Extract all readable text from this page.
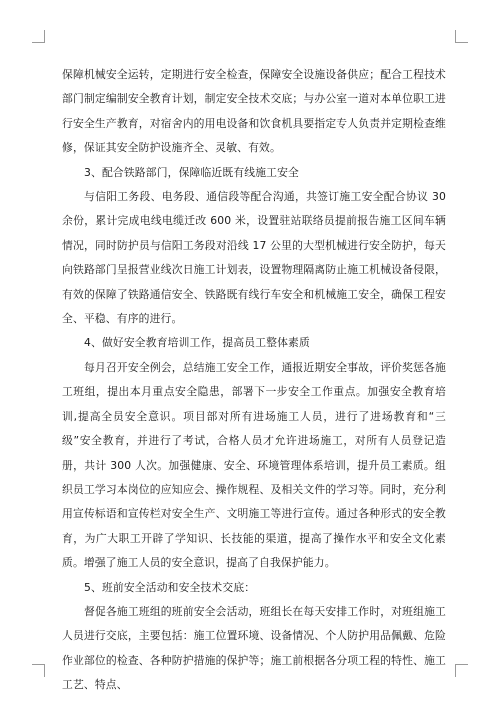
保障机械安全运转，定期进行安全检查，保障安全设施设备供应；配合工程技术部门制定编制安全教育计划，制定安全技术交底；与办公室一道对本单位职工进行安全生产教育，对宿舍内的用电设备和饮食机具要指定专人负责并定期检查维修，保证其安全防护设施齐全、灵敏、有效。

3、配合铁路部门，保障临近既有线施工安全

与信阳工务段、电务段、通信段等配合沟通，共签订施工安全配合协议 30 余份，累计完成电线电缆迁改 600 米，设置驻站联络员提前报告施工区间车辆情况，同时防护员与信阳工务段对沿线 17 公里的大型机械进行安全防护，每天向铁路部门呈报营业线次日施工计划表，设置物理隔离防止施工机械设备侵限，有效的保障了铁路通信安全、铁路既有线行车安全和机械施工安全，确保工程安全、平稳、有序的进行。

4、做好安全教育培训工作，提高员工整体素质

每月召开安全例会，总结施工安全工作，通报近期安全事故，评价奖惩各施工班组，提出本月重点安全隐患，部署下一步安全工作重点。加强安全教育培训,提高全员安全意识。项目部对所有进场施工人员，进行了进场教育和“三级”安全教育，并进行了考试，合格人员才允许进场施工，对所有人员登记造册，共计 300 人次。加强健康、安全、环境管理体系培训，提升员工素质。组织员工学习本岗位的应知应会、操作规程、及相关文件的学习等。同时，充分利用宣传标语和宣传栏对安全生产、文明施工等进行宣传。通过各种形式的安全教育，为广大职工开辟了学知识、长技能的渠道，提高了操作水平和安全文化素质。增强了施工人员的安全意识，提高了自我保护能力。

5、班前安全活动和安全技术交底：

督促各施工班组的班前安全会活动，班组长在每天安排工作时，对班组施工人员进行交底，主要包括：施工位置环境、设备情况、个人防护用品佩戴、危险作业部位的检查、各种防护措施的保护等；施工前根据各分项工程的特性、施工工艺、特点、
